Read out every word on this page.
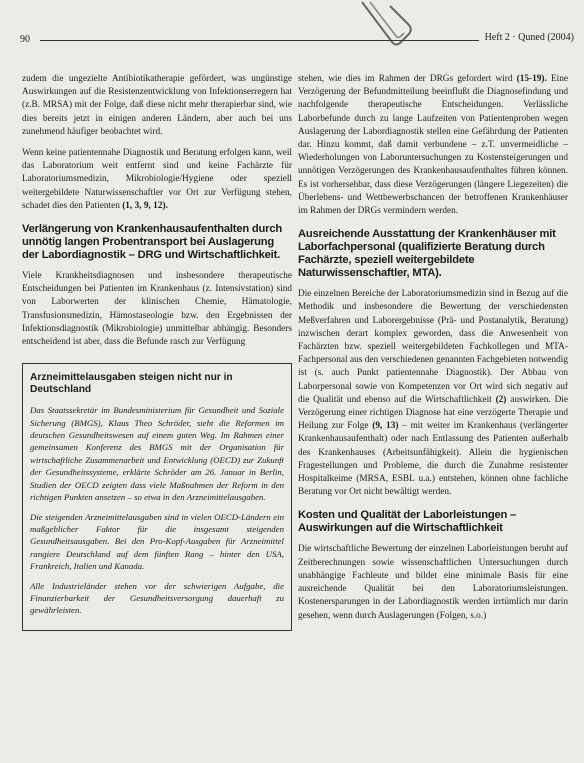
90	Heft 2 · Quned (2004)

zudem die ungezielte Antibiotikatherapie gefördert, was ungünstige Auswirkungen auf die Resistenzentwicklung von Infektionserregern hat (z.B. MRSA) mit der Folge, daß diese nicht mehr therapierbar sind, wie dies bereits jetzt in einigen anderen Ländern, aber auch bei uns zunehmend häufiger beobachtet wird.

Wenn keine patientennahe Diagnostik und Beratung erfolgen kann, weil das Laboratorium weit entfernt sind und keine Fachärzte für Laboratoriumsmedizin, Mikrobiologie/Hygiene oder speziell weitergebildete Naturwissenschaftler vor Ort zur Verfügung stehen, schadet dies den Patienten (1, 3, 9, 12).

Verlängerung von Krankenhausaufenthalten durch unnötig langen Probentransport bei Auslagerung der Labordiagnostik – DRG und Wirtschaftlichkeit.

Viele Krankheitsdiagnosen und insbesondere therapeutische Entscheidungen bei Patienten im Krankenhaus (z. Intensivstation) sind von Laborwerten der klinischen Chemie, Hämatologie, Transfusionsmedizin, Hämostaseologie bzw. den Ergebnissen der Infektionsdiagnostik (Mikrobiologie) unmittelbar abhängig. Besonders entscheidend ist aber, dass die Befunde rasch zur Verfügung

Arzneimittelausgaben steigen nicht nur in Deutschland

Das Staatssekretär im Bundesministerium für Gesundheit und Soziale Sicherung (BMGS), Klaus Theo Schröder, sieht die Reformen im deutschen Gesundheitswesen auf einem guten Weg. Im Rahmen einer gemeinsamen Konferenz des BMGS mit der Organisation für wirtschaftliche Zusammenarbeit und Entwicklung (OECD) zur Zukunft der Gesundheitssysteme, erklärte Schröder am 26. Januar in Berlin, Studien der OECD zeigten dass viele Maßnahmen der Reform in den richtigen Punkten ansetzen – so etwa in den Arzneimittelausgaben.

Die steigenden Arzneimittelausgaben sind in vielen OECD-Ländern ein maßgeblicher Faktor für die insgesamt steigenden Gesundheitsausgaben. Bei den Pro-Kopf-Ausgaben für Arzneimittel rangiere Deutschland auf dem fünften Rang – hinter den USA, Frankreich, Italien und Kanada.

Alle Industrieländer stehen vor der schwierigen Aufgabe, die Finanzierbarkeit der Gesundheitsversorgung dauerhaft zu gewährleisten.

stehen, wie dies im Rahmen der DRGs gefordert wird (15-19). Eine Verzögerung der Befundmitteilung beeinflußt die Diagnosefindung und nachfolgende therapeutische Entscheidungen. Verlässliche Laborbefunde durch zu lange Laufzeiten von Patientenproben wegen Auslagerung der Labordiagnostik stellen eine Gefährdung der Patienten dar. Hinzu kommt, daß damit verbundene – z.T. unvermeidliche – Wiederholungen von Laboruntersuchungen zu Kostensteigerungen und unnötigen Verzögerungen des Krankenhausaufenthaltes führen können. Es ist vorhersehbar, dass diese Verzögerungen (längere Liegezeiten) die Überlebens- und Wettbewerbschancen der betroffenen Krankenhäuser im Rahmen der DRGs vermindern werden.

Ausreichende Ausstattung der Krankenhäuser mit Laborfachpersonal (qualifizierte Beratung durch Fachärzte, speziell weitergebildete Naturwissenschaftler, MTA).

Die einzelnen Bereiche der Laboratoriumsmedizin sind in Bezug auf die Methodik und insbesondere die Bewertung der verschiedensten Meßverfahren und Laborergebnisse (Prä- und Postanalytik, Beratung) inzwischen derart komplex geworden, dass die Anwesenheit von Fachärzten bzw. speziell weitergebildeten Fachkollegen und MTA-Fachpersonal aus den verschiedenen genannten Fachgebieten notwendig ist (s. auch Punkt patientennahe Diagnostik). Der Abbau von Laborpersonal sowie von Kompetenzen vor Ort wird sich negativ auf die Qualität und ebenso auf die Wirtschaftlichkeit (2) auswirken. Die Verzögerung einer richtigen Diagnose hat eine verzögerte Therapie und Heilung zur Folge (9, 13) – mit weiter im Krankenhaus (verlängerter Krankenhausaufenthalt) oder nach Entlassung des Patienten außerhalb des Krankenhauses (Arbeitsunfähigkeit). Allein die hygienischen Fragestellungen und Probleme, die durch die Zunahme resistenter Hospitalkeime (MRSA, ESBL u.a.) entstehen, können ohne fachliche Beratung vor Ort nicht bewältigt werden.

Kosten und Qualität der Laborleistungen – Auswirkungen auf die Wirtschaftlichkeit

Die wirtschaftliche Bewertung der einzelnen Laborleistungen beruht auf Zeitberechnungen sowie wissenschaftlichen Untersuchungen durch unabhängige Fachleute und bildet eine minimale Basis für eine ausreichende Qualität bei den Laboratoriumsleistungen. Kostenersparungen in der Labordiagnostik werden irrtümlich nur darin gesehen, wenn durch Auslagerungen (Folgen, s.o.)
